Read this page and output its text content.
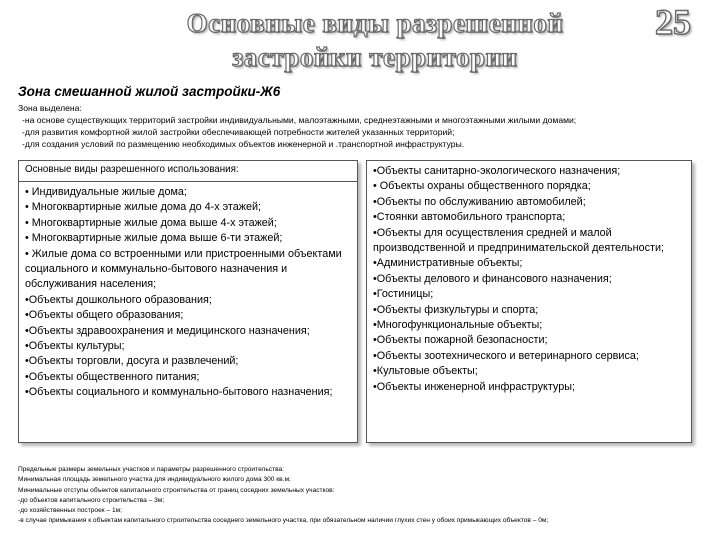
Основные виды разрешенной
застройки территории
25
Зона смешанной жилой застройки-Ж6
Зона выделена:
-на основе существующих территорий застройки индивидуальными, малоэтажными, среднеэтажными и многоэтажными жилыми домами;
-для развития комфортной жилой застройки обеспечивающей потребности жителей указанных территорий;
-для создания условий по размещению необходимых объектов инженерной и .транспортной инфраструктуры.
Основные виды разрешенного использования:
• Индивидуальные жилые дома;
• Многоквартирные жилые дома до 4-х этажей;
• Многоквартирные жилые дома выше 4-х этажей;
• Многоквартирные жилые дома выше 6-ти этажей;
• Жилые дома со встроенными или пристроенными объектами социального и коммунально-бытового назначения и обслуживания населения;
•Объекты дошкольного образования;
•Объекты общего образования;
•Объекты здравоохранения и медицинского назначения;
•Объекты культуры;
•Объекты торговли, досуга и развлечений;
•Объекты общественного питания;
•Объекты социального и коммунально-бытового назначения;
•Объекты санитарно-экологического назначения;
• Объекты охраны общественного порядка;
•Объекты по обслуживанию автомобилей;
•Стоянки автомобильного транспорта;
•Объекты для осуществления средней и малой производственной и предпринимательской деятельности;
•Административные объекты;
•Объекты делового и финансового назначения;
•Гостиницы;
•Объекты физкультуры и спорта;
•Многофункциональные объекты;
•Объекты пожарной безопасности;
•Объекты зоотехнического и ветеринарного сервиса;
•Культовые объекты;
•Объекты инженерной инфраструктуры;
Предельные размеры земельных участков и параметры разрешенного строительства:
Минимальная площадь земельного участка для индивидуального жилого дома 300 кв.м;
Минимальные отступы объектов капитального строительства от границ соседних земельных участков:
-до объектов капитального строительства – 3м;
-до хозяйственных построек – 1м;
-в случае примыкания к объектам капитального строительства соседнего земельного участка, при обязательном наличии глухих стен у обоих примыкающих объектов – 0м;
